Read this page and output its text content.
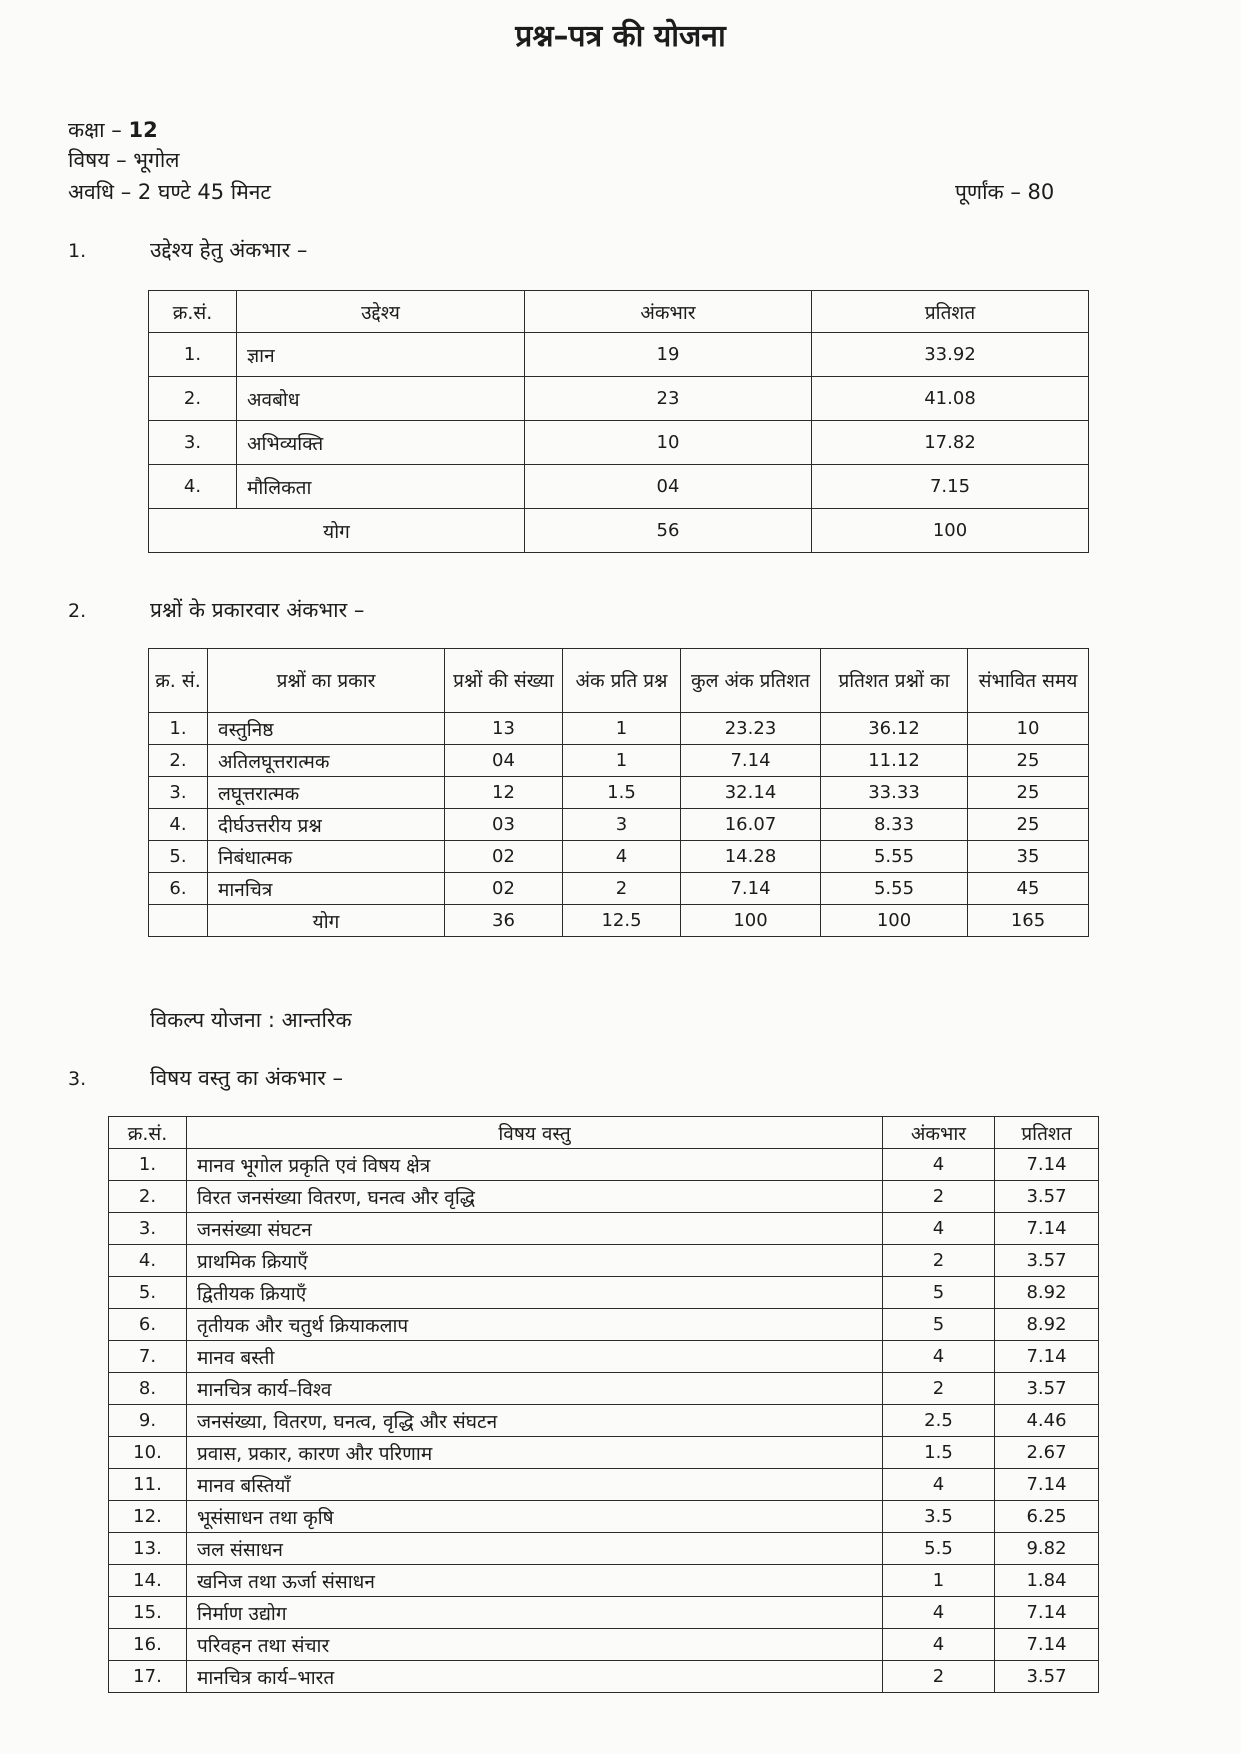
प्रश्न–पत्र की योजना
कक्षा – 12
विषय – भूगोल
अवधि – 2 घण्टे 45 मिनट	पूर्णांक – 80
1.	उद्देश्य हेतु अंकभार –
क्र.सं.	उद्देश्य	अंकभार	प्रतिशत
1.	ज्ञान	19	33.92
2.	अवबोध	23	41.08
3.	अभिव्यक्ति	10	17.82
4.	मौलिकता	04	7.15
योग		56	100
2.	प्रश्नों के प्रकारवार अंकभार –
क्र. सं.	प्रश्नों का प्रकार	प्रश्नों की संख्या	अंक प्रति प्रश्न	कुल अंक प्रतिशत	प्रतिशत प्रश्नों का	संभावित समय
1.	वस्तुनिष्ठ	13	1	23.23	36.12	10
2.	अतिलघूत्तरात्मक	04	1	7.14	11.12	25
3.	लघूत्तरात्मक	12	1.5	32.14	33.33	25
4.	दीर्घउत्तरीय प्रश्न	03	3	16.07	8.33	25
5.	निबंधात्मक	02	4	14.28	5.55	35
6.	मानचित्र	02	2	7.14	5.55	45
	योग	36	12.5	100	100	165
विकल्प योजना : आन्तरिक
3.	विषय वस्तु का अंकभार –
क्र.सं.	विषय वस्तु	अंकभार	प्रतिशत
1.	मानव भूगोल प्रकृति एवं विषय क्षेत्र	4	7.14
2.	विरत जनसंख्या वितरण, घनत्व और वृद्धि	2	3.57
3.	जनसंख्या संघटन	4	7.14
4.	प्राथमिक क्रियाएँ	2	3.57
5.	द्वितीयक क्रियाएँ	5	8.92
6.	तृतीयक और चतुर्थ क्रियाकलाप	5	8.92
7.	मानव बस्ती	4	7.14
8.	मानचित्र कार्य–विश्व	2	3.57
9.	जनसंख्या, वितरण, घनत्व, वृद्धि और संघटन	2.5	4.46
10.	प्रवास, प्रकार, कारण और परिणाम	1.5	2.67
11.	मानव बस्तियाँ	4	7.14
12.	भूसंसाधन तथा कृषि	3.5	6.25
13.	जल संसाधन	5.5	9.82
14.	खनिज तथा ऊर्जा संसाधन	1	1.84
15.	निर्माण उद्योग	4	7.14
16.	परिवहन तथा संचार	4	7.14
17.	मानचित्र कार्य–भारत	2	3.57
